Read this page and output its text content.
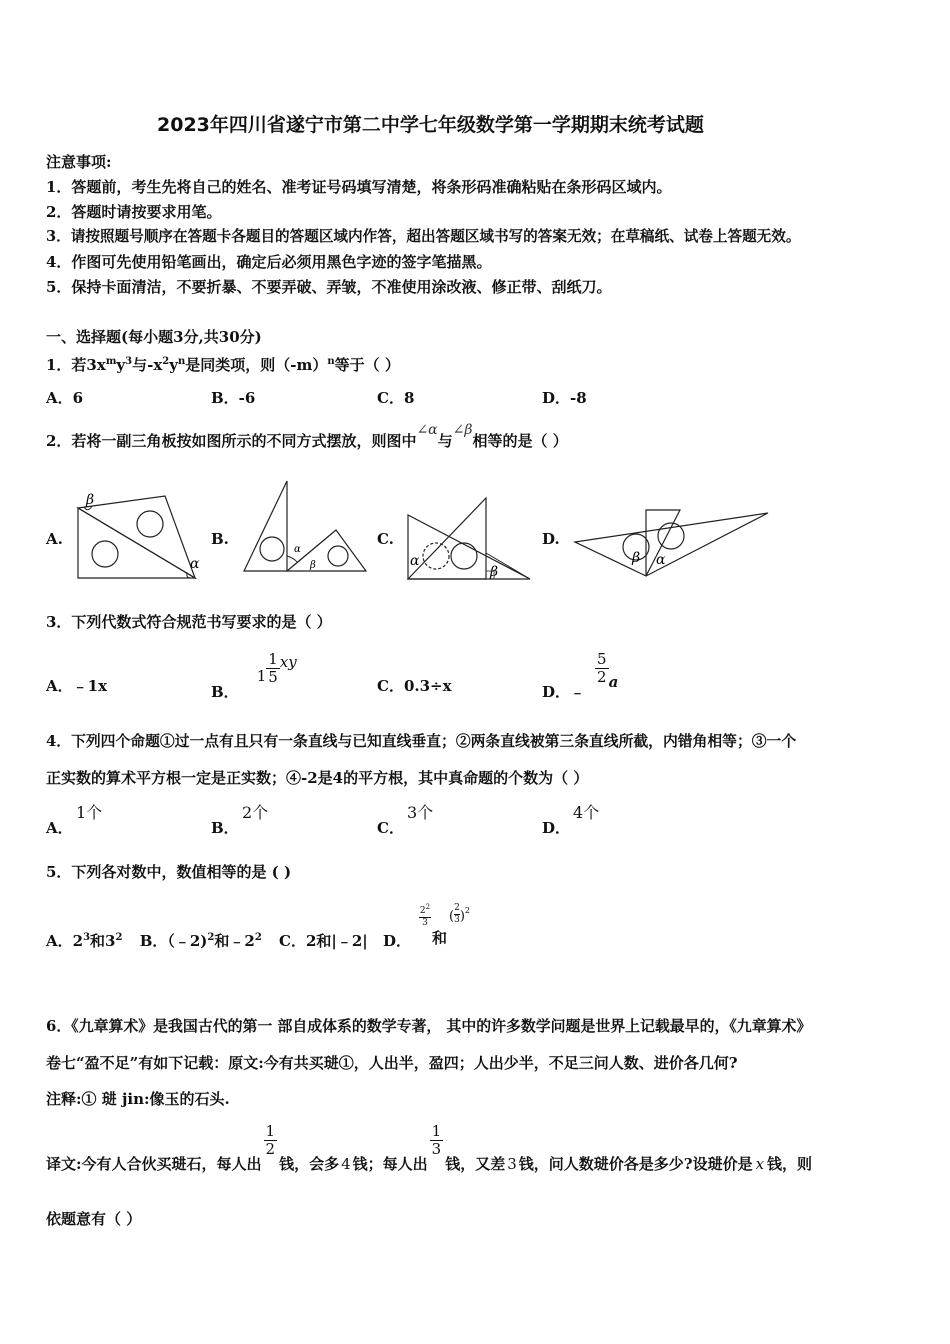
2023年四川省遂宁市第二中学七年级数学第一学期期末统考试题
注意事项:
1．答题前，考生先将自己的姓名、准考证号码填写清楚，将条形码准确粘贴在条形码区域内。
2．答题时请按要求用笔。
3．请按照题号顺序在答题卡各题目的答题区域内作答，超出答题区域书写的答案无效；在草稿纸、试卷上答题无效。
4．作图可先使用铅笔画出，确定后必须用黑色字迹的签字笔描黑。
5．保持卡面清洁，不要折暴、不要弄破、弄皱，不准使用涂改液、修正带、刮纸刀。
一、选择题(每小题3分,共30分)
1．若$3x^my^3$与$-x^2y^n$是同类项，则$(-m)^n$等于（ ）
A．6	B．-6	C．8	D．-8
2．若将一副三角板按如图所示的不同方式摆放，则图中∠α与∠β相等的是（ ）
A.	B.	C.	D.
β
α
α
β	α
β
β α
3．下列代数式符合规范书写要求的是（ ）
A．﹣1x	B．$1 \frac{1}{5}$ xy
C．0.3÷x	D．﹣
$\frac{5}{2}$ a
4．下列四个命题①过一点有且只有一条直线与已知直线垂直；②两条直线被第三条直线所截，内错角相等；③一个
正实数的算术平方根一定是正实数；④-2是4的平方根，其中真命题的个数为（ ）
A．
1个
B．
2个
C．
3个
D．
4个
5．下列各对数中，数值相等的是 ( )
A．$2^3$和$3^2$ B．（﹣2)$^2$和$﹣2^2$ C．2和|﹣2| D．
$2^2$
3
和
( $\frac{2}{3} )^2$
6．《九章算术》是我国古代的第一 部自成体系的数学专著， 其中的许多数学问题是世界上记载最早的，《九章算术》
卷七“盈不足”有如下记载：原文:今有共买琎①，人出半，盈四；人出少半，不足三问人数、进价各几何?
注释:① 琎 jin:像玉的石头.
译文:今有人合伙买琎石，每人出
$\frac{1}{2}$
钱，会多 4 钱；每人出
$\frac{1}{3}$
钱，又差 3 钱，问人数琎价各是多少?设琎价是 x 钱，则
依题意有（ ）
